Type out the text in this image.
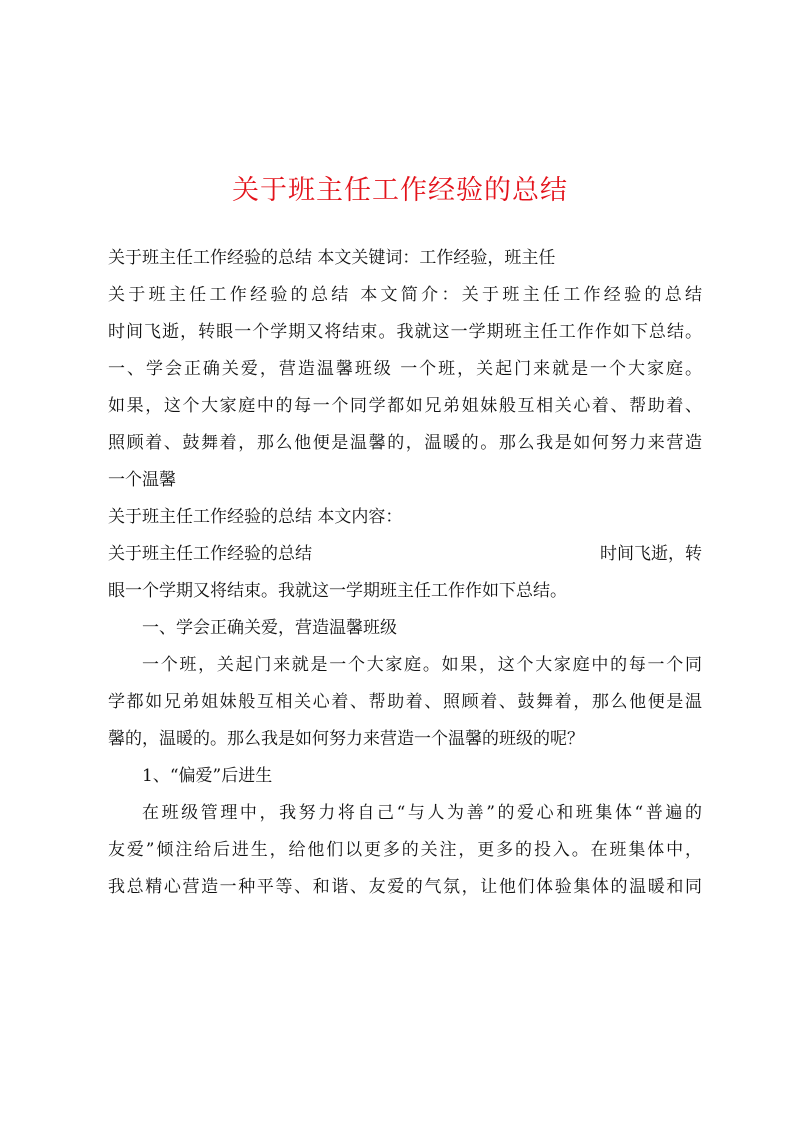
关于班主任工作经验的总结
关于班主任工作经验的总结 本文关键词：工作经验，班主任
关于班主任工作经验的总结 本文简介：关于班主任工作经验的总结
时间飞逝，转眼一个学期又将结束。我就这一学期班主任工作作如下总结。
一、学会正确关爱，营造温馨班级 一个班，关起门来就是一个大家庭。
如果，这个大家庭中的每一个同学都如兄弟姐妹般互相关心着、帮助着、
照顾着、鼓舞着，那么他便是温馨的，温暖的。那么我是如何努力来营造
一个温馨
关于班主任工作经验的总结 本文内容：
关于班主任工作经验的总结	时间飞逝，转
眼一个学期又将结束。我就这一学期班主任工作作如下总结。
一、学会正确关爱，营造温馨班级
一个班，关起门来就是一个大家庭。如果，这个大家庭中的每一个同
学都如兄弟姐妹般互相关心着、帮助着、照顾着、鼓舞着，那么他便是温
馨的，温暖的。那么我是如何努力来营造一个温馨的班级的呢？
1、“偏爱”后进生
在班级管理中，我努力将自己“与人为善”的爱心和班集体“普遍的
友爱”倾注给后进生，给他们以更多的关注，更多的投入。在班集体中，
我总精心营造一种平等、和谐、友爱的气氛，让他们体验集体的温暖和同
